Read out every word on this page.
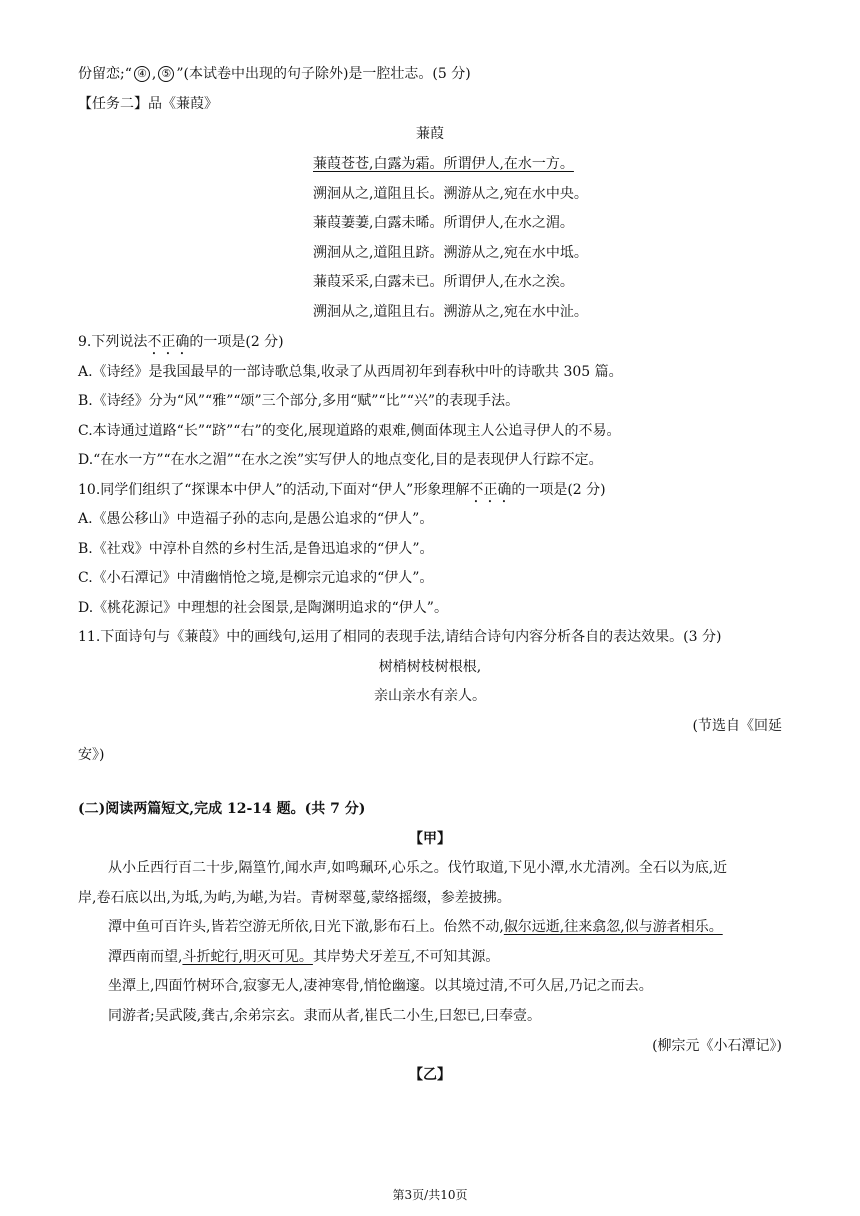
份留恋;“ ④ , ⑤ ”(本试卷中出现的句子除外)是一腔壮志。(5 分)
【任务二】品《蒹葭》
蒹葭
蒹葭苍苍,白露为霜。所谓伊人,在水一方。
溯洄从之,道阻且长。溯游从之,宛在水中央。
蒹葭萋萋,白露未晞。所谓伊人,在水之湄。
溯洄从之,道阻且跻。溯游从之,宛在水中坻。
蒹葭采采,白露未已。所谓伊人,在水之涘。
溯洄从之,道阻且右。溯游从之,宛在水中沚。
9.下列说法不正确的一项是(2 分)
A.《诗经》是我国最早的一部诗歌总集,收录了从西周初年到春秋中叶的诗歌共 305 篇。
B.《诗经》分为“风”“雅”“颂”三个部分,多用“赋”“比”“兴”的表现手法。
C.本诗通过道路“长”“跻”“右”的变化,展现道路的艰难,侧面体现主人公追寻伊人的不易。
D.“在水一方”“在水之湄”“在水之涘”实写伊人的地点变化,目的是表现伊人行踪不定。
10.同学们组织了“探课本中伊人”的活动,下面对“伊人”形象理解不正确的一项是(2 分)
A.《愚公移山》中造福子孙的志向,是愚公追求的“伊人”。
B.《社戏》中淳朴自然的乡村生活,是鲁迅追求的“伊人”。
C.《小石潭记》中清幽悄怆之境,是柳宗元追求的“伊人”。
D.《桃花源记》中理想的社会图景,是陶渊明追求的“伊人”。
11.下面诗句与《蒹葭》中的画线句,运用了相同的表现手法,请结合诗句内容分析各自的表达效果。(3 分)
树梢树枝树根根,
亲山亲水有亲人。
(节选自《回延
安》)
(二)阅读两篇短文,完成 12-14 题。(共 7 分)
【甲】
从小丘西行百二十步,隔篁竹,闻水声,如鸣珮环,心乐之。伐竹取道,下见小潭,水尤清冽。全石以为底,近
岸,卷石底以出,为坻,为屿,为嵁,为岩。青树翠蔓,蒙络摇缀，参差披拂。
潭中鱼可百许头,皆若空游无所依,日光下澈,影布石上。佁然不动,俶尔远逝,往来翕忽,似与游者相乐。
潭西南而望,斗折蛇行,明灭可见。其岸势犬牙差互,不可知其源。
坐潭上,四面竹树环合,寂寥无人,凄神寒骨,悄怆幽邃。以其境过清,不可久居,乃记之而去。
同游者;吴武陵,龚古,余弟宗玄。隶而从者,崔氏二小生,曰恕已,曰奉壹。
(柳宗元《小石潭记》)
【乙】
第3页/共10页
